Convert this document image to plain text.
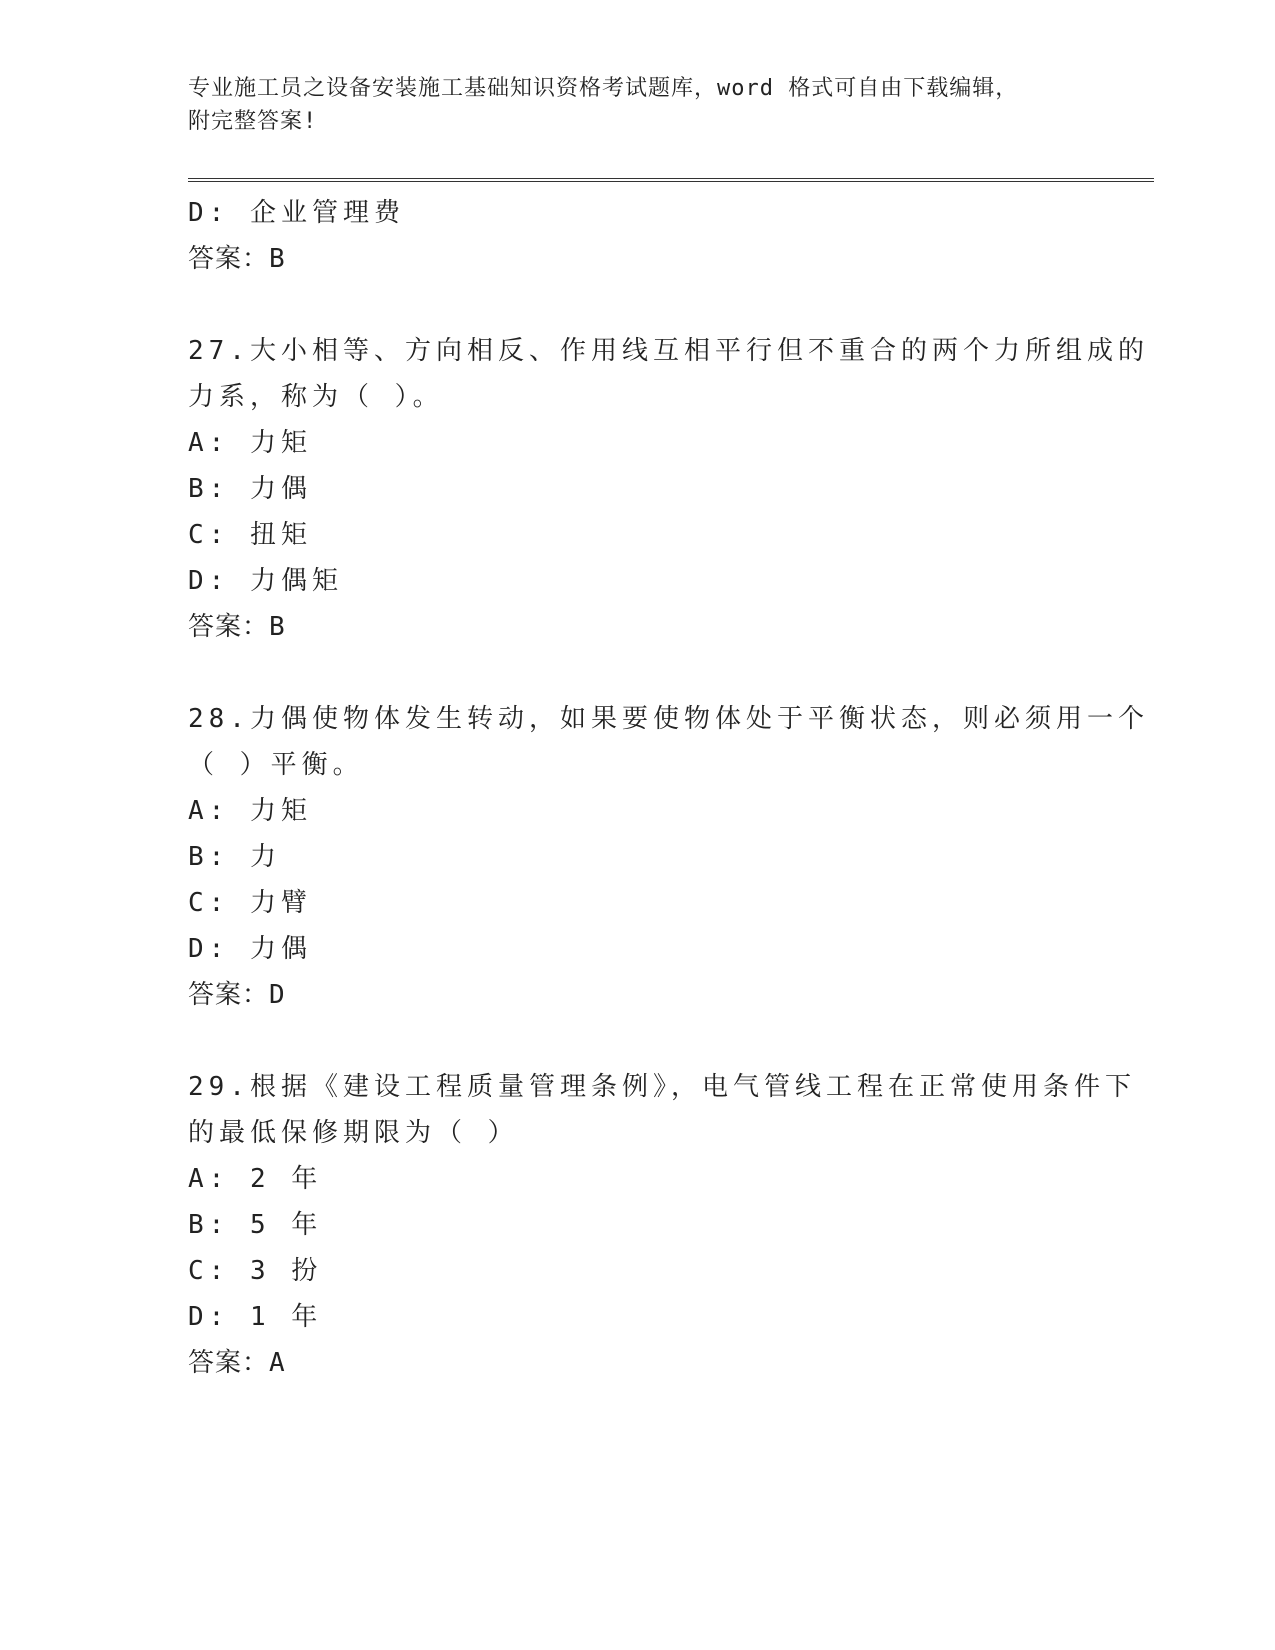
专业施工员之设备安装施工基础知识资格考试题库，word 格式可自由下载编辑，
附完整答案!
D: 企业管理费
答案：B
27.大小相等、方向相反、作用线互相平行但不重合的两个力所组成的
力系，称为（ ）。
A: 力矩
B: 力偶
C: 扭矩
D: 力偶矩
答案：B
28.力偶使物体发生转动，如果要使物体处于平衡状态，则必须用一个
（ ）平衡。
A: 力矩
B: 力
C: 力臂
D: 力偶
答案：D
29.根据《建设工程质量管理条例》，电气管线工程在正常使用条件下
的最低保修期限为（ ）
A: 2 年
B: 5 年
C: 3 扮
D: 1 年
答案：A
